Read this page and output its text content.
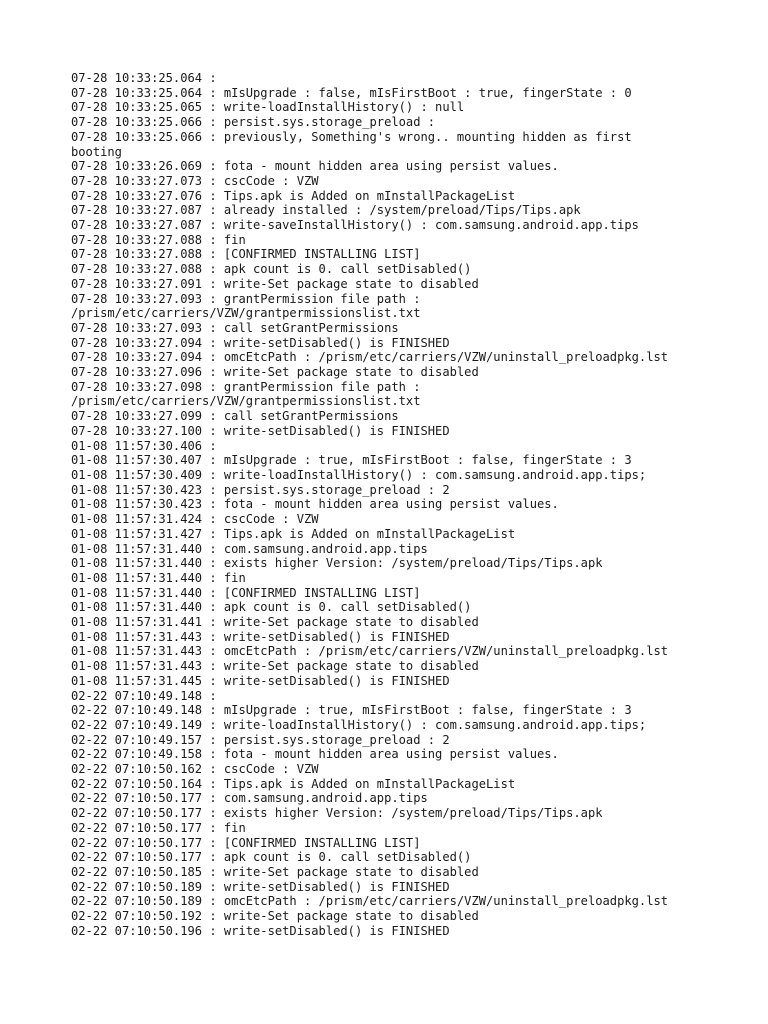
07-28 10:33:25.064 :

07-28 10:33:25.064 : mIsUpgrade : false, mIsFirstBoot : true, fingerState : 0

07-28 10:33:25.065 : write-loadInstallHistory() : null

07-28 10:33:25.066 : persist.sys.storage_preload :

07-28 10:33:25.066 : previously, Something's wrong.. mounting hidden as first

booting

07-28 10:33:26.069 : fota - mount hidden area using persist values.

07-28 10:33:27.073 : cscCode : VZW

07-28 10:33:27.076 : Tips.apk is Added on mInstallPackageList

07-28 10:33:27.087 : already installed : /system/preload/Tips/Tips.apk

07-28 10:33:27.087 : write-saveInstallHistory() : com.samsung.android.app.tips

07-28 10:33:27.088 : fin

07-28 10:33:27.088 : [CONFIRMED INSTALLING LIST]

07-28 10:33:27.088 : apk count is 0. call setDisabled()

07-28 10:33:27.091 : write-Set package state to disabled

07-28 10:33:27.093 : grantPermission file path :

/prism/etc/carriers/VZW/grantpermissionslist.txt

07-28 10:33:27.093 : call setGrantPermissions

07-28 10:33:27.094 : write-setDisabled() is FINISHED

07-28 10:33:27.094 : omcEtcPath : /prism/etc/carriers/VZW/uninstall_preloadpkg.lst

07-28 10:33:27.096 : write-Set package state to disabled

07-28 10:33:27.098 : grantPermission file path :

/prism/etc/carriers/VZW/grantpermissionslist.txt

07-28 10:33:27.099 : call setGrantPermissions

07-28 10:33:27.100 : write-setDisabled() is FINISHED

01-08 11:57:30.406 :

01-08 11:57:30.407 : mIsUpgrade : true, mIsFirstBoot : false, fingerState : 3

01-08 11:57:30.409 : write-loadInstallHistory() : com.samsung.android.app.tips;

01-08 11:57:30.423 : persist.sys.storage_preload : 2

01-08 11:57:30.423 : fota - mount hidden area using persist values.

01-08 11:57:31.424 : cscCode : VZW

01-08 11:57:31.427 : Tips.apk is Added on mInstallPackageList

01-08 11:57:31.440 : com.samsung.android.app.tips

01-08 11:57:31.440 : exists higher Version: /system/preload/Tips/Tips.apk

01-08 11:57:31.440 : fin

01-08 11:57:31.440 : [CONFIRMED INSTALLING LIST]

01-08 11:57:31.440 : apk count is 0. call setDisabled()

01-08 11:57:31.441 : write-Set package state to disabled

01-08 11:57:31.443 : write-setDisabled() is FINISHED

01-08 11:57:31.443 : omcEtcPath : /prism/etc/carriers/VZW/uninstall_preloadpkg.lst

01-08 11:57:31.443 : write-Set package state to disabled

01-08 11:57:31.445 : write-setDisabled() is FINISHED

02-22 07:10:49.148 :

02-22 07:10:49.148 : mIsUpgrade : true, mIsFirstBoot : false, fingerState : 3

02-22 07:10:49.149 : write-loadInstallHistory() : com.samsung.android.app.tips;

02-22 07:10:49.157 : persist.sys.storage_preload : 2

02-22 07:10:49.158 : fota - mount hidden area using persist values.

02-22 07:10:50.162 : cscCode : VZW

02-22 07:10:50.164 : Tips.apk is Added on mInstallPackageList

02-22 07:10:50.177 : com.samsung.android.app.tips

02-22 07:10:50.177 : exists higher Version: /system/preload/Tips/Tips.apk

02-22 07:10:50.177 : fin

02-22 07:10:50.177 : [CONFIRMED INSTALLING LIST]

02-22 07:10:50.177 : apk count is 0. call setDisabled()

02-22 07:10:50.185 : write-Set package state to disabled

02-22 07:10:50.189 : write-setDisabled() is FINISHED

02-22 07:10:50.189 : omcEtcPath : /prism/etc/carriers/VZW/uninstall_preloadpkg.lst

02-22 07:10:50.192 : write-Set package state to disabled

02-22 07:10:50.196 : write-setDisabled() is FINISHED
